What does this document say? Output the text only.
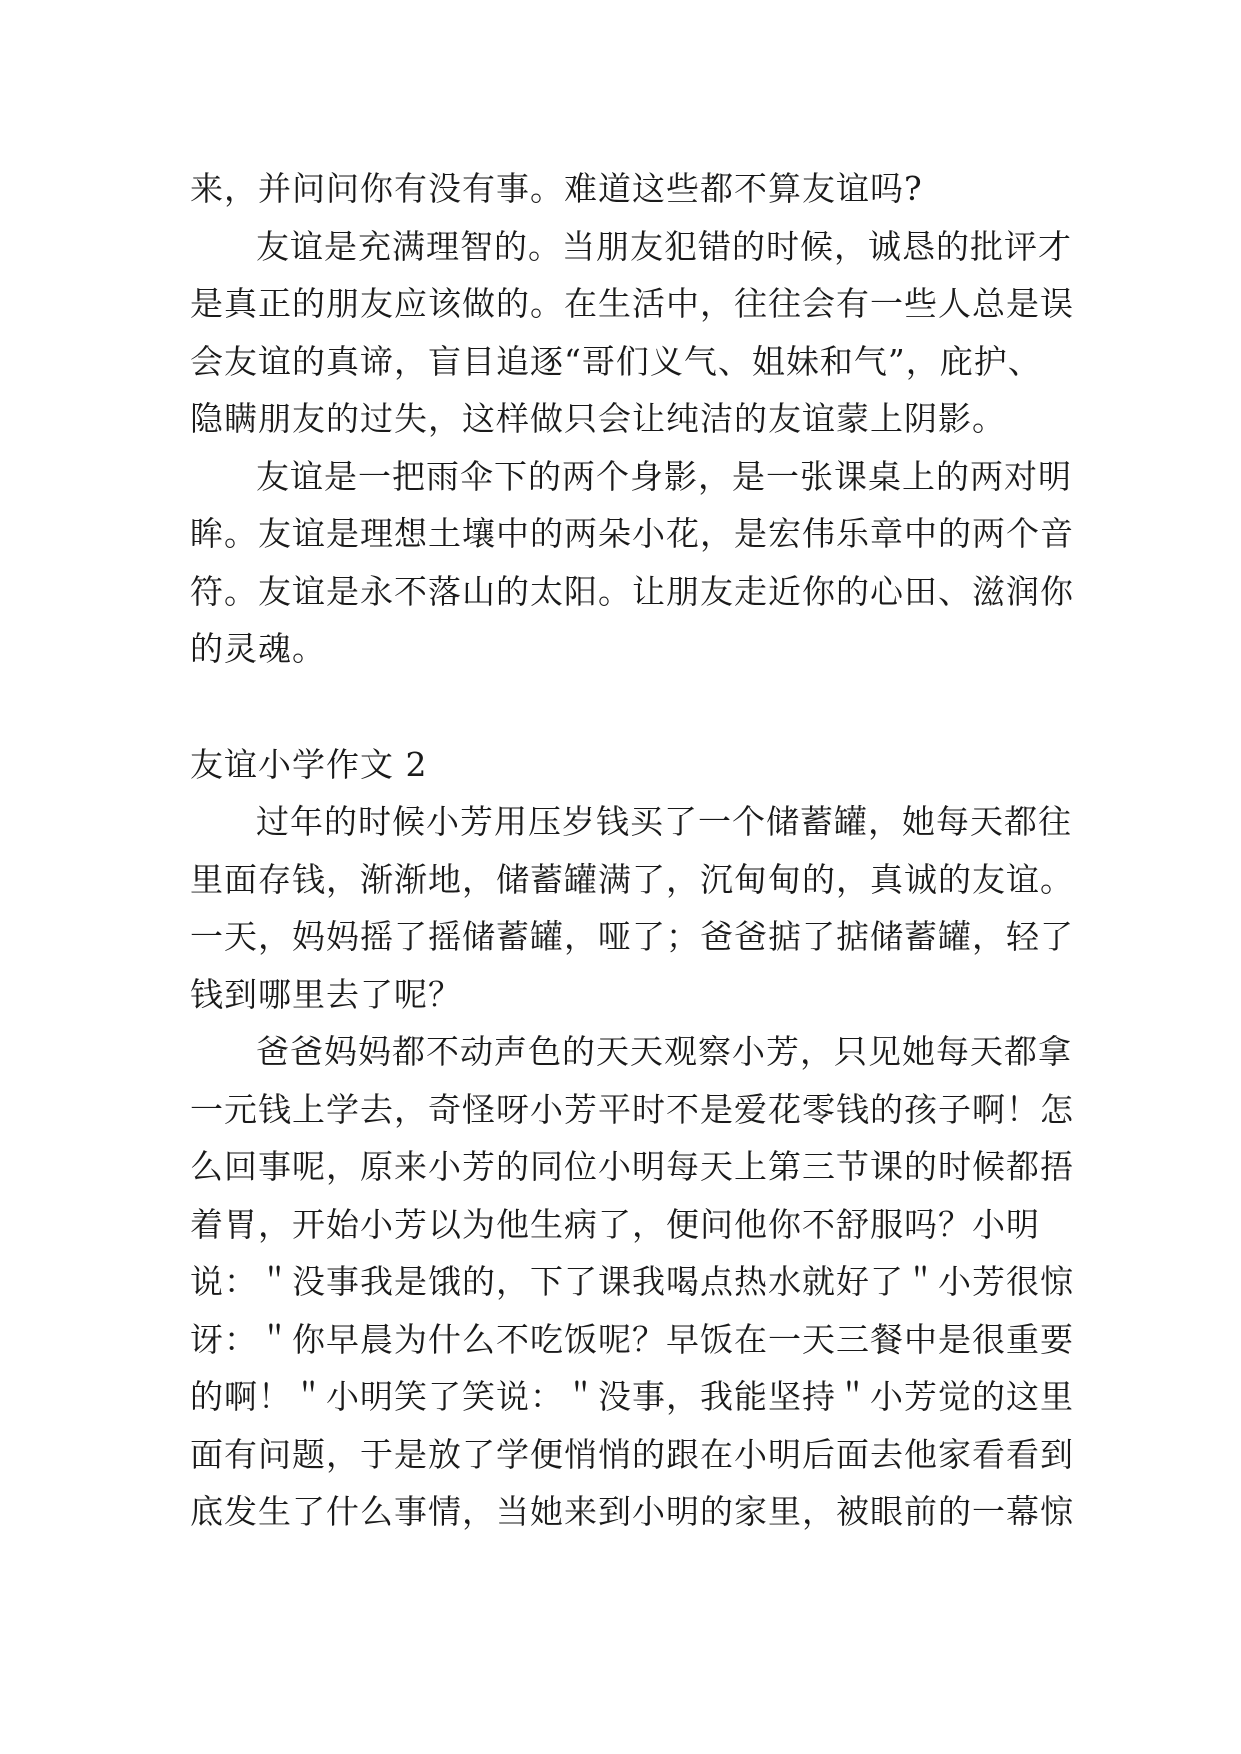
来，并问问你有没有事。难道这些都不算友谊吗?
友谊是充满理智的。当朋友犯错的时候，诚恳的批评才
是真正的朋友应该做的。在生活中，往往会有一些人总是误
会友谊的真谛，盲目追逐“哥们义气、姐妹和气”，庇护、
隐瞒朋友的过失，这样做只会让纯洁的友谊蒙上阴影。
友谊是一把雨伞下的两个身影，是一张课桌上的两对明
眸。友谊是理想土壤中的两朵小花，是宏伟乐章中的两个音
符。友谊是永不落山的太阳。让朋友走近你的心田、滋润你
的灵魂。
友谊小学作文 2
过年的时候小芳用压岁钱买了一个储蓄罐，她每天都往
里面存钱，渐渐地，储蓄罐满了，沉甸甸的，真诚的友谊。
一天，妈妈摇了摇储蓄罐，哑了；爸爸掂了掂储蓄罐，轻了
钱到哪里去了呢？
爸爸妈妈都不动声色的天天观察小芳，只见她每天都拿
一元钱上学去，奇怪呀小芳平时不是爱花零钱的孩子啊！怎
么回事呢，原来小芳的同位小明每天上第三节课的时候都捂
着胃，开始小芳以为他生病了，便问他你不舒服吗？小明
说：＂没事我是饿的，下了课我喝点热水就好了＂小芳很惊
讶：＂你早晨为什么不吃饭呢？早饭在一天三餐中是很重要
的啊！＂小明笑了笑说：＂没事，我能坚持＂小芳觉的这里
面有问题，于是放了学便悄悄的跟在小明后面去他家看看到
底发生了什么事情，当她来到小明的家里，被眼前的一幕惊
